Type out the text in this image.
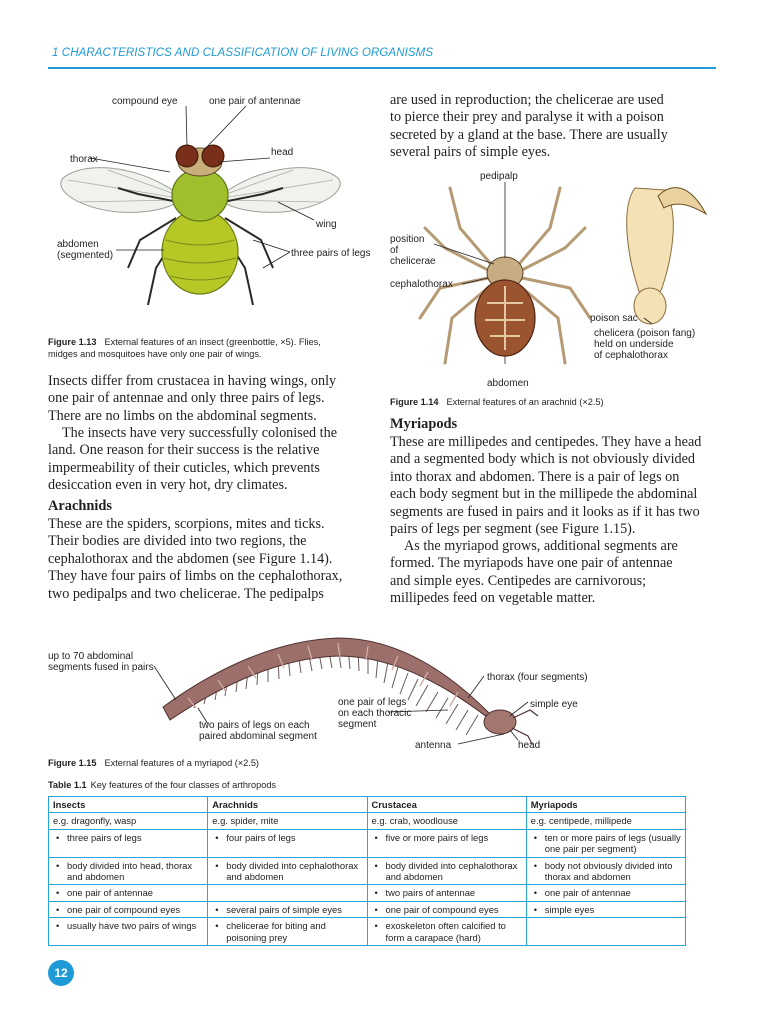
1 CHARACTERISTICS AND CLASSIFICATION OF LIVING ORGANISMS
compound eye	one pair of antennae
thorax
head
wing
abdomen
(segmented)	three pairs of legs
Figure 1.13 External features of an insect (greenbottle, ×5). Flies,
midges and mosquitoes have only one pair of wings.
Insects differ from crustacea in having wings, only
one pair of antennae and only three pairs of legs.
There are no limbs on the abdominal segments.
The insects have very successfully colonised the
land. One reason for their success is the relative
impermeability of their cuticles, which prevents
desiccation even in very hot, dry climates.
Arachnids
These are the spiders, scorpions, mites and ticks.
Their bodies are divided into two regions, the
cephalothorax and the abdomen (see Figure 1.14).
They have four pairs of limbs on the cephalothorax,
two pedipalps and two chelicerae. The pedipalps
are used in reproduction; the chelicerae are used
to pierce their prey and paralyse it with a poison
secreted by a gland at the base. There are usually
several pairs of simple eyes.
pedipalp
position
of
chelicerae
cephalothorax
poison sac
chelicera (poison fang)
held on underside
of cephalothorax
abdomen
Figure 1.14 External features of an arachnid (×2.5)
Myriapods
These are millipedes and centipedes. They have a head
and a segmented body which is not obviously divided
into thorax and abdomen. There is a pair of legs on
each body segment but in the millipede the abdominal
segments are fused in pairs and it looks as if it has two
pairs of legs per segment (see Figure 1.15).
As the myriapod grows, additional segments are
formed. The myriapods have one pair of antennae
and simple eyes. Centipedes are carnivorous;
millipedes feed on vegetable matter.
up to 70 abdominal
segments fused in pairs
thorax (four segments)
simple eye
one pair of legs
on each thoracic
segment
two pairs of legs on each
paired abdominal segment
antenna	head
Figure 1.15 External features of a myriapod (×2.5)
Table 1.1 Key features of the four classes of arthropods
Insects	Arachnids	Crustacea	Myriapods
e.g. dragonfly, wasp	e.g. spider, mite	e.g. crab, woodlouse	e.g. centipede, millipede
• three pairs of legs	• four pairs of legs	• five or more pairs of legs	• ten or more pairs of legs (usually one pair per segment)
• body divided into head, thorax and abdomen	• body divided into cephalothorax and abdomen	• body divided into cephalothorax and abdomen	• body not obviously divided into thorax and abdomen
• one pair of antennae		• two pairs of antennae	• one pair of antennae
• one pair of compound eyes	• several pairs of simple eyes	• one pair of compound eyes	• simple eyes
• usually have two pairs of wings	• chelicerae for biting and poisoning prey	• exoskeleton often calcified to form a carapace (hard)	
12
